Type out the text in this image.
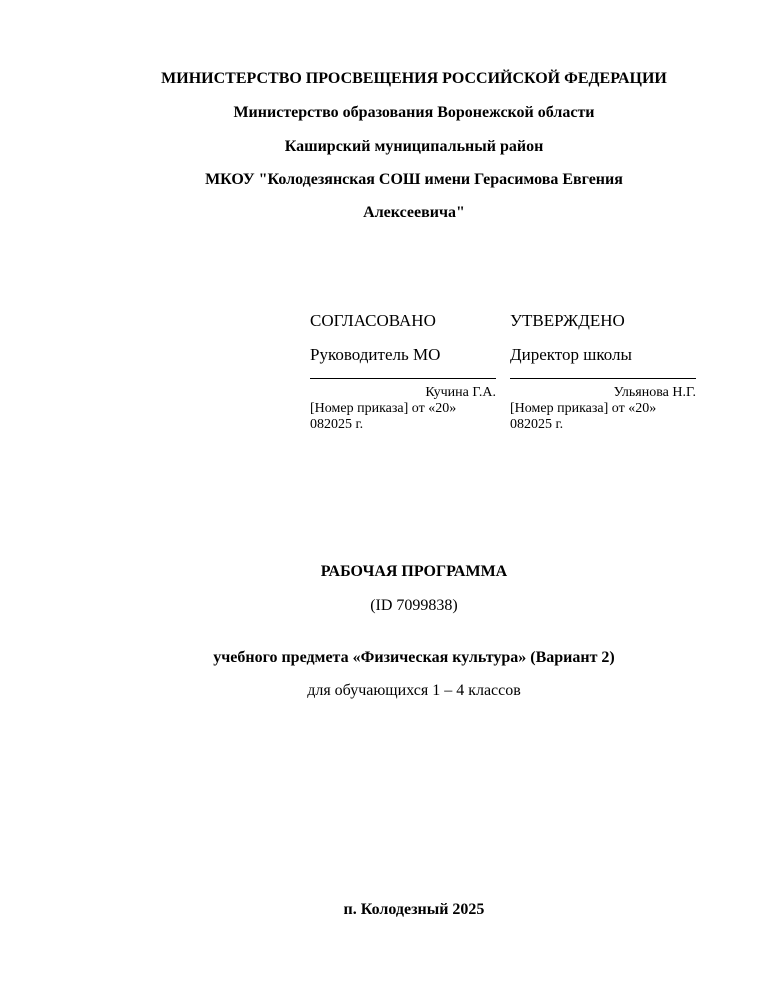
МИНИСТЕРСТВО ПРОСВЕЩЕНИЯ РОССИЙСКОЙ ФЕДЕРАЦИИ
Министерство образования Воронежской области
Каширский муниципальный район
МКОУ "Колодезянская СОШ имени Герасимова Евгения
Алексеевича"
СОГЛАСОВАНО
Руководитель МО
Кучина Г.А.
[Номер приказа] от «20»
082025 г.
УТВЕРЖДЕНО
Директор школы
Ульянова Н.Г.
[Номер приказа] от «20»
082025 г.
РАБОЧАЯ ПРОГРАММА
(ID 7099838)
учебного предмета «Физическая культура» (Вариант 2)
для обучающихся 1 – 4 классов
п. Колодезный 2025
